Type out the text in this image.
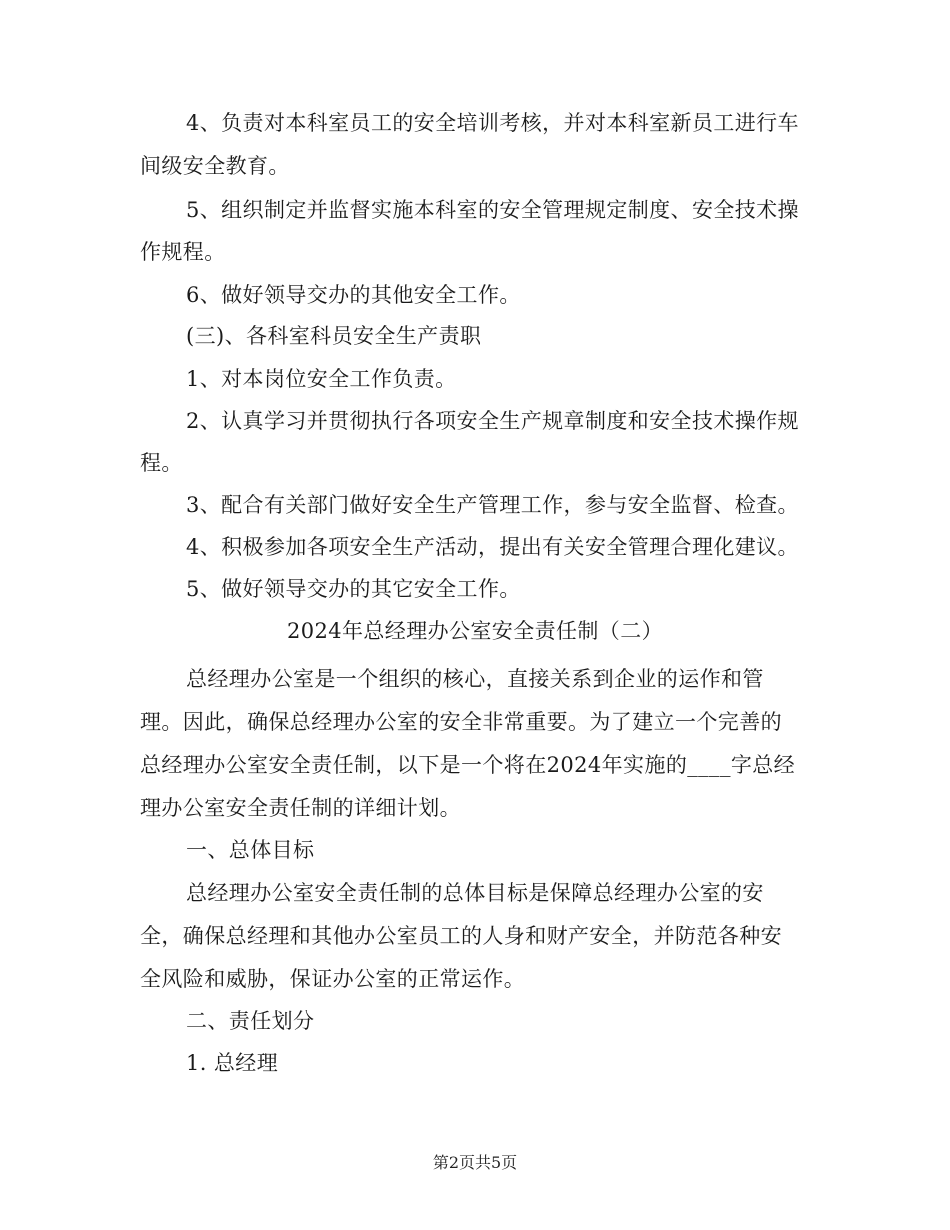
4、负责对本科室员工的安全培训考核，并对本科室新员工进行车
间级安全教育。
5、组织制定并监督实施本科室的安全管理规定制度、安全技术操
作规程。
6、做好领导交办的其他安全工作。
(三)、各科室科员安全生产责职
1、对本岗位安全工作负责。
2、认真学习并贯彻执行各项安全生产规章制度和安全技术操作规
程。
3、配合有关部门做好安全生产管理工作，参与安全监督、检查。
4、积极参加各项安全生产活动，提出有关安全管理合理化建议。
5、做好领导交办的其它安全工作。
2024年总经理办公室安全责任制（二）
总经理办公室是一个组织的核心，直接关系到企业的运作和管
理。因此，确保总经理办公室的安全非常重要。为了建立一个完善的
总经理办公室安全责任制，以下是一个将在2024年实施的____字总经
理办公室安全责任制的详细计划。
一、总体目标
总经理办公室安全责任制的总体目标是保障总经理办公室的安
全，确保总经理和其他办公室员工的人身和财产安全，并防范各种安
全风险和威胁，保证办公室的正常运作。
二、责任划分
1. 总经理
第2页共5页
